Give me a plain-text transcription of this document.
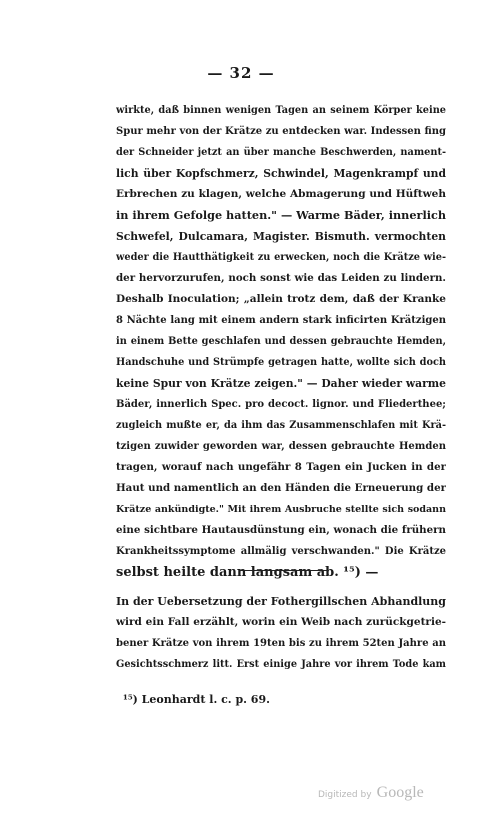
— 32 —
wirkte, daß binnen wenigen Tagen an seinem Körper keine
Spur mehr von der Krätze zu entdecken war. Indessen fing
der Schneider jetzt an über manche Beschwerden, nament-
lich über Kopfschmerz, Schwindel, Magenkrampf und
Erbrechen zu klagen, welche Abmagerung und Hüftweh
in ihrem Gefolge hatten." — Warme Bäder, innerlich
Schwefel, Dulcamara, Magister. Bismuth. vermochten
weder die Hautthätigkeit zu erwecken, noch die Krätze wie-
der hervorzurufen, noch sonst wie das Leiden zu lindern.
Deshalb Inoculation; „allein trotz dem, daß der Kranke
8 Nächte lang mit einem andern stark inficirten Krätzigen
in einem Bette geschlafen und dessen gebrauchte Hemden,
Handschuhe und Strümpfe getragen hatte, wollte sich doch
keine Spur von Krätze zeigen." — Daher wieder warme
Bäder, innerlich Spec. pro decoct. lignor. und Fliederthee;
zugleich mußte er, da ihm das Zusammenschlafen mit Krä-
tzigen zuwider geworden war, dessen gebrauchte Hemden
tragen, worauf nach ungefähr 8 Tagen ein Jucken in der
Haut und namentlich an den Händen die Erneuerung der
Krätze ankündigte." Mit ihrem Ausbruche stellte sich sodann
eine sichtbare Hautausdünstung ein, wonach die frühern
Krankheitssymptome allmälig verschwanden." Die Krätze
selbst heilte dann langsam ab. ¹⁵) —
In der Uebersetzung der Fothergillschen Abhandlung
wird ein Fall erzählt, worin ein Weib nach zurückgetrie-
bener Krätze von ihrem 19ten bis zu ihrem 52ten Jahre an
Gesichtsschmerz litt. Erst einige Jahre vor ihrem Tode kam
¹⁵) Leonhardt l. c. p. 69.
Digitized by Google
